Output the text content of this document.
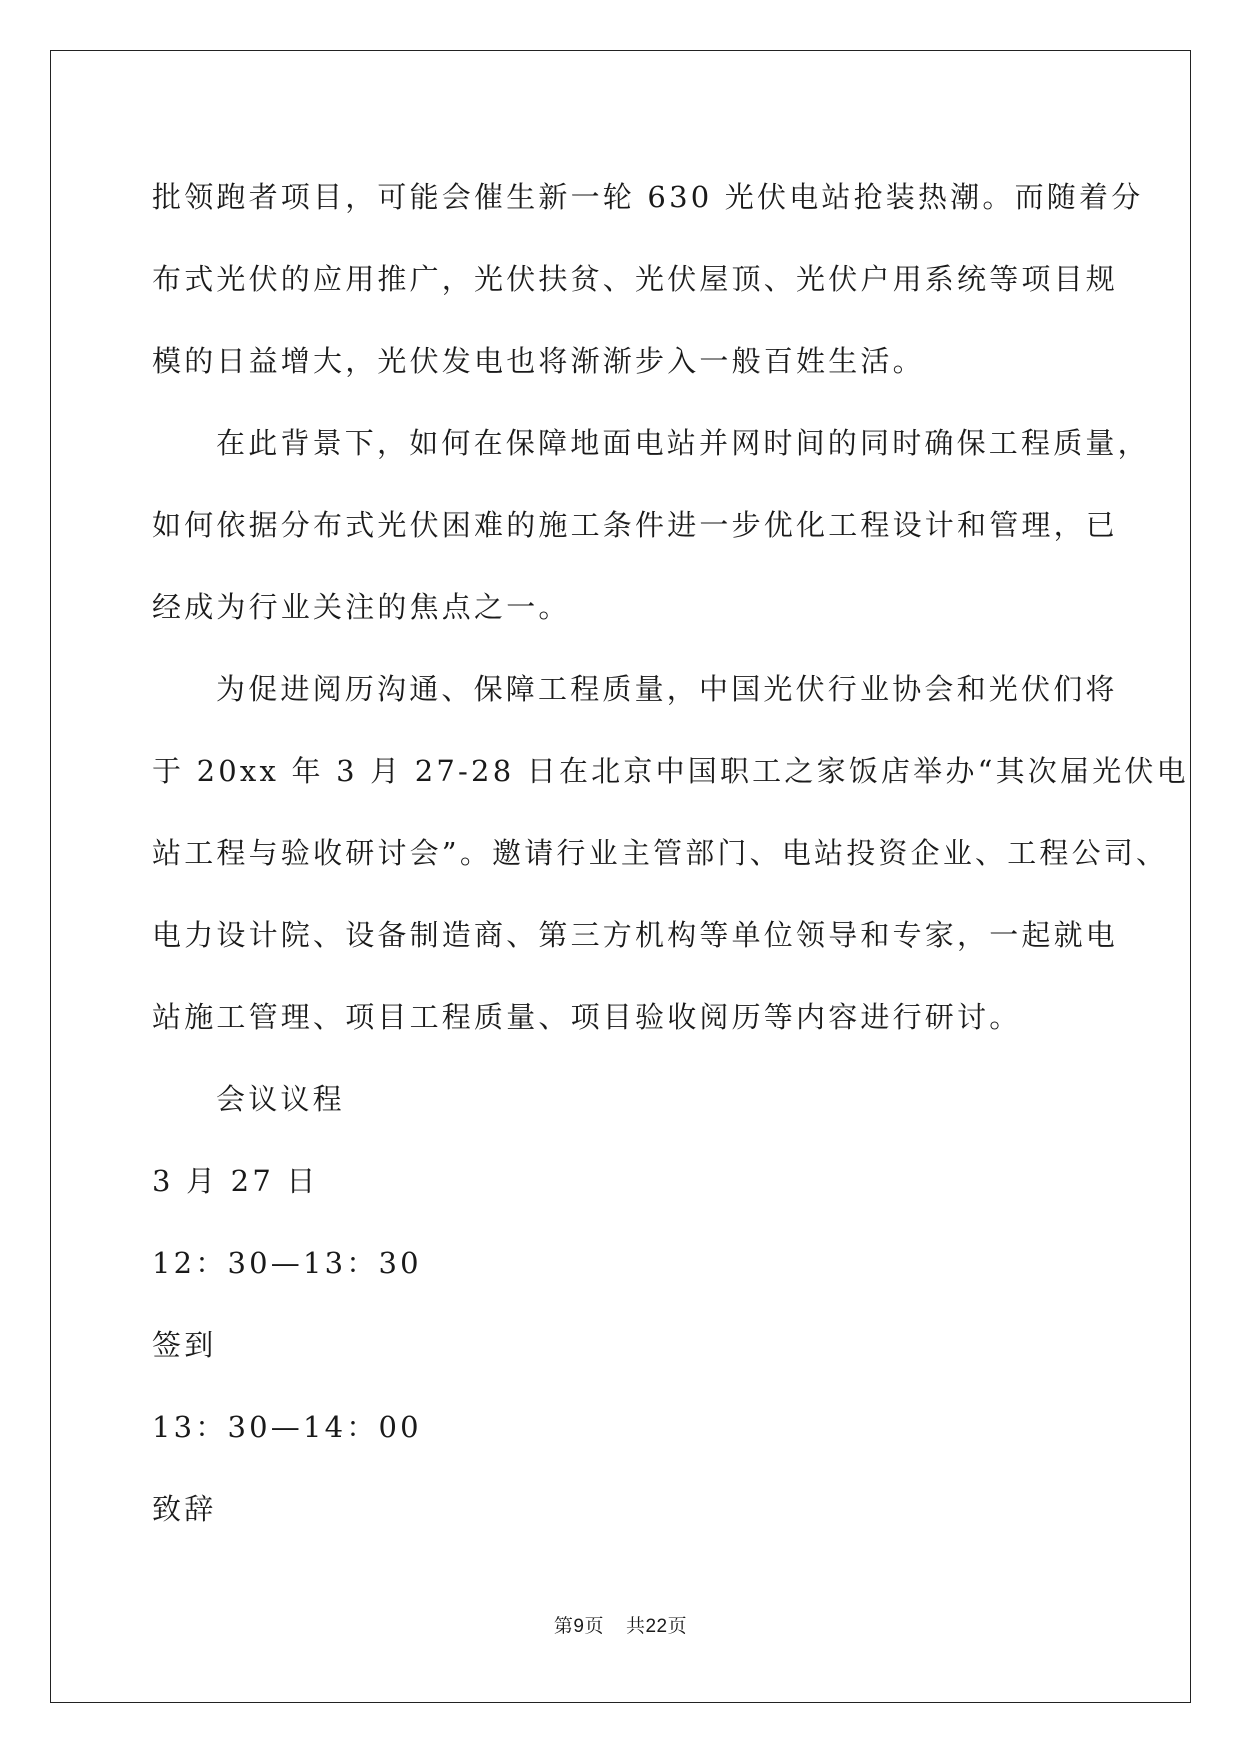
批领跑者项目，可能会催生新一轮 630 光伏电站抢装热潮。而随着分
布式光伏的应用推广，光伏扶贫、光伏屋顶、光伏户用系统等项目规
模的日益增大，光伏发电也将渐渐步入一般百姓生活。
在此背景下，如何在保障地面电站并网时间的同时确保工程质量，
如何依据分布式光伏困难的施工条件进一步优化工程设计和管理，已
经成为行业关注的焦点之一。
为促进阅历沟通、保障工程质量，中国光伏行业协会和光伏们将
于 20xx 年 3 月 27-28 日在北京中国职工之家饭店举办“其次届光伏电
站工程与验收研讨会”。邀请行业主管部门、电站投资企业、工程公司、
电力设计院、设备制造商、第三方机构等单位领导和专家，一起就电
站施工管理、项目工程质量、项目验收阅历等内容进行研讨。
会议议程
3 月 27 日
12：30—13：30
签到
13：30—14：00
致辞
第9页 共22页
